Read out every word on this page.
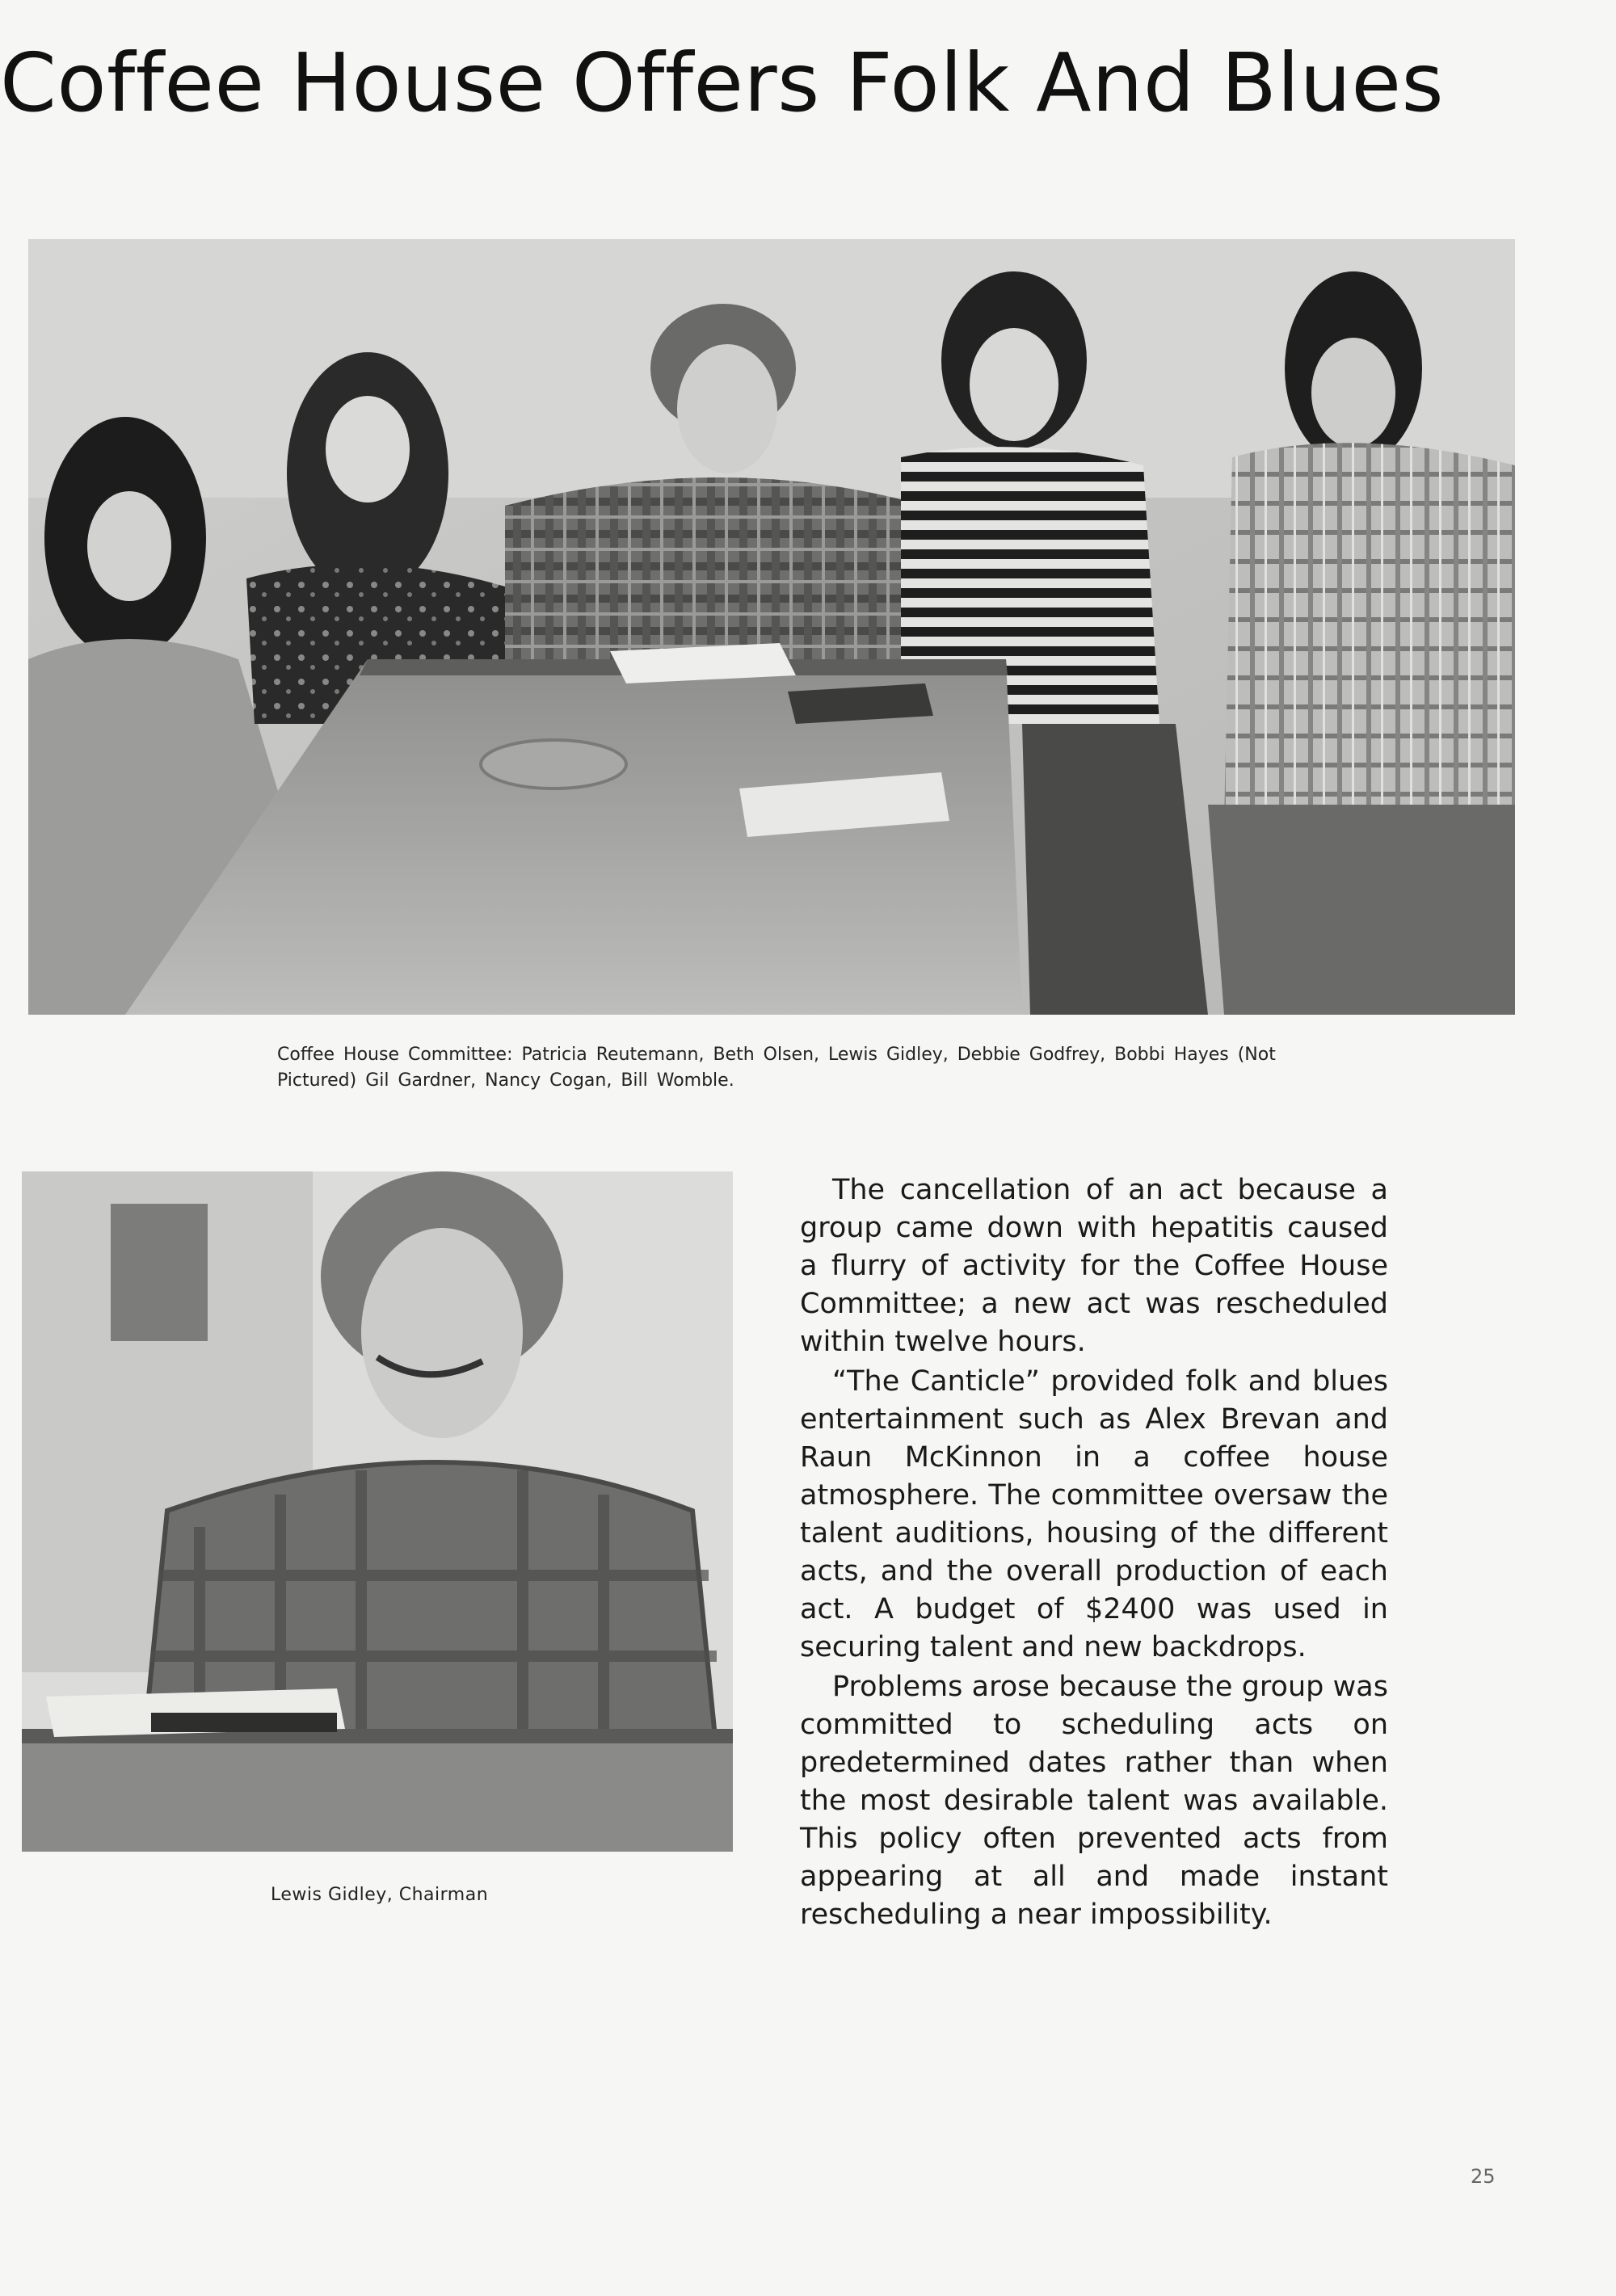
Coffee House Offers Folk And Blues

Coffee House Committee: Patricia Reutemann, Beth Olsen, Lewis Gidley, Debbie Godfrey, Bobbi Hayes (Not Pictured) Gil Gardner, Nancy Cogan, Bill Womble.

Lewis Gidley, Chairman

The cancellation of an act because a group came down with hepatitis caused a flurry of activity for the Coffee House Committee; a new act was rescheduled within twelve hours.

“The Canticle” provided folk and blues entertainment such as Alex Brevan and Raun McKinnon in a coffee house atmosphere. The committee oversaw the talent auditions, housing of the different acts, and the overall production of each act. A budget of $2400 was used in securing talent and new backdrops.

Problems arose because the group was committed to scheduling acts on predetermined dates rather than when the most desirable talent was available. This policy often prevented acts from appearing at all and made instant rescheduling a near impossibility.

25
